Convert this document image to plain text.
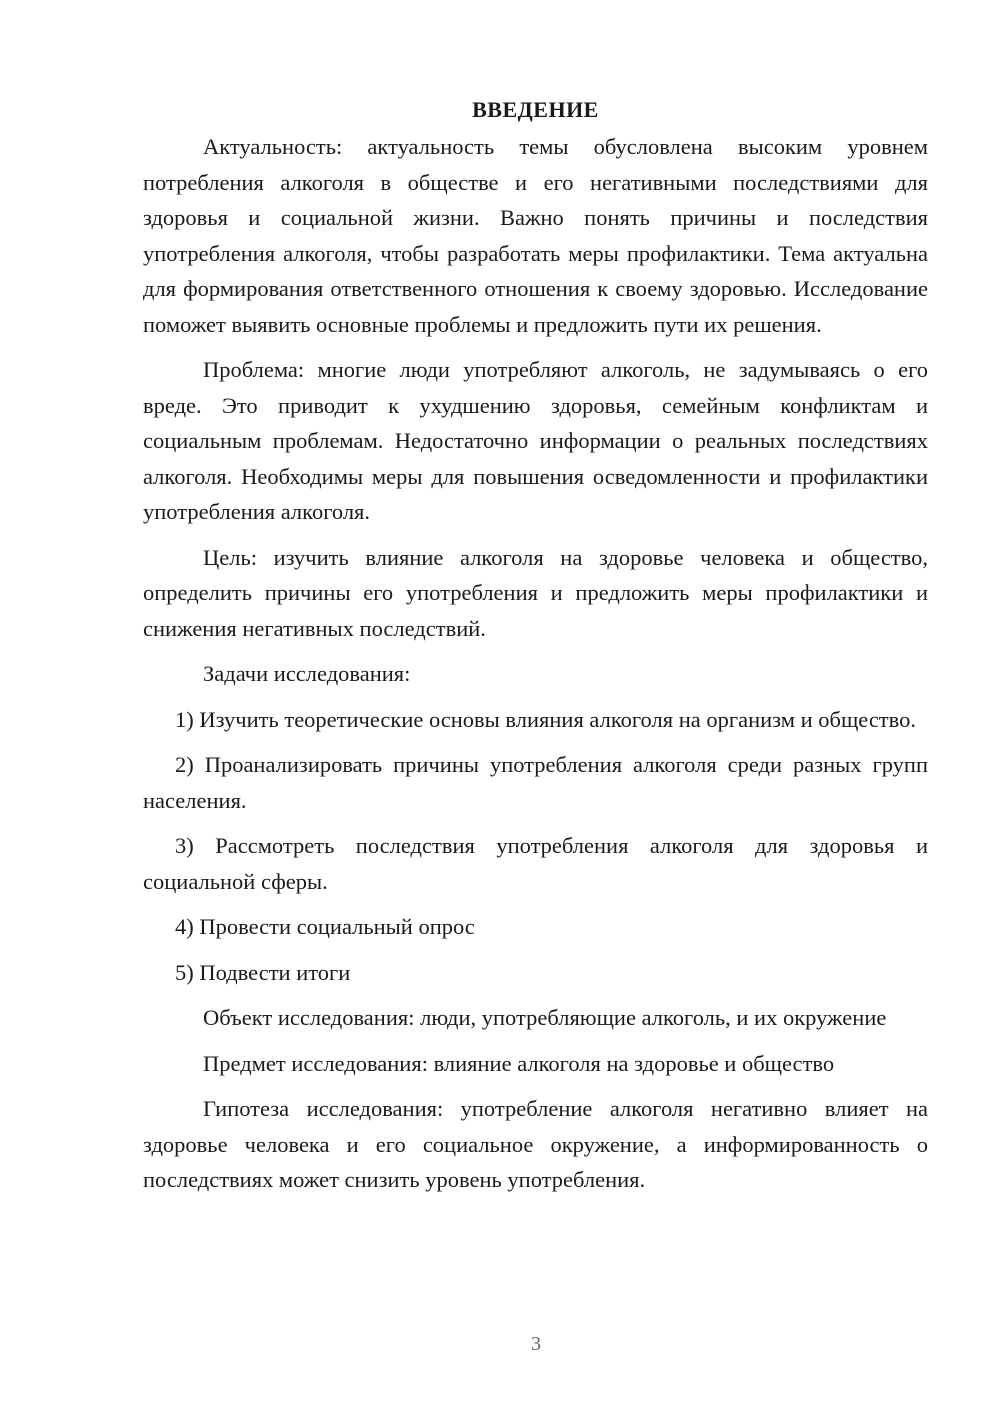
ВВЕДЕНИЕ

Актуальность: актуальность темы обусловлена высоким уровнем потребления алкоголя в обществе и его негативными последствиями для здоровья и социальной жизни. Важно понять причины и последствия употребления алкоголя, чтобы разработать меры профилактики. Тема актуальна для формирования ответственного отношения к своему здоровью. Исследование поможет выявить основные проблемы и предложить пути их решения.

Проблема: многие люди употребляют алкоголь, не задумываясь о его вреде. Это приводит к ухудшению здоровья, семейным конфликтам и социальным проблемам. Недостаточно информации о реальных последствиях алкоголя. Необходимы меры для повышения осведомленности и профилактики употребления алкоголя.

Цель: изучить влияние алкоголя на здоровье человека и общество, определить причины его употребления и предложить меры профилактики и снижения негативных последствий.

Задачи исследования:

1) Изучить теоретические основы влияния алкоголя на организм и общество.

2) Проанализировать причины употребления алкоголя среди разных групп населения.

3) Рассмотреть последствия употребления алкоголя для здоровья и социальной сферы.

4) Провести социальный опрос

5) Подвести итоги

Объект исследования: люди, употребляющие алкоголь, и их окружение

Предмет исследования: влияние алкоголя на здоровье и общество

Гипотеза исследования: употребление алкоголя негативно влияет на здоровье человека и его социальное окружение, а информированность о последствиях может снизить уровень употребления.

3
